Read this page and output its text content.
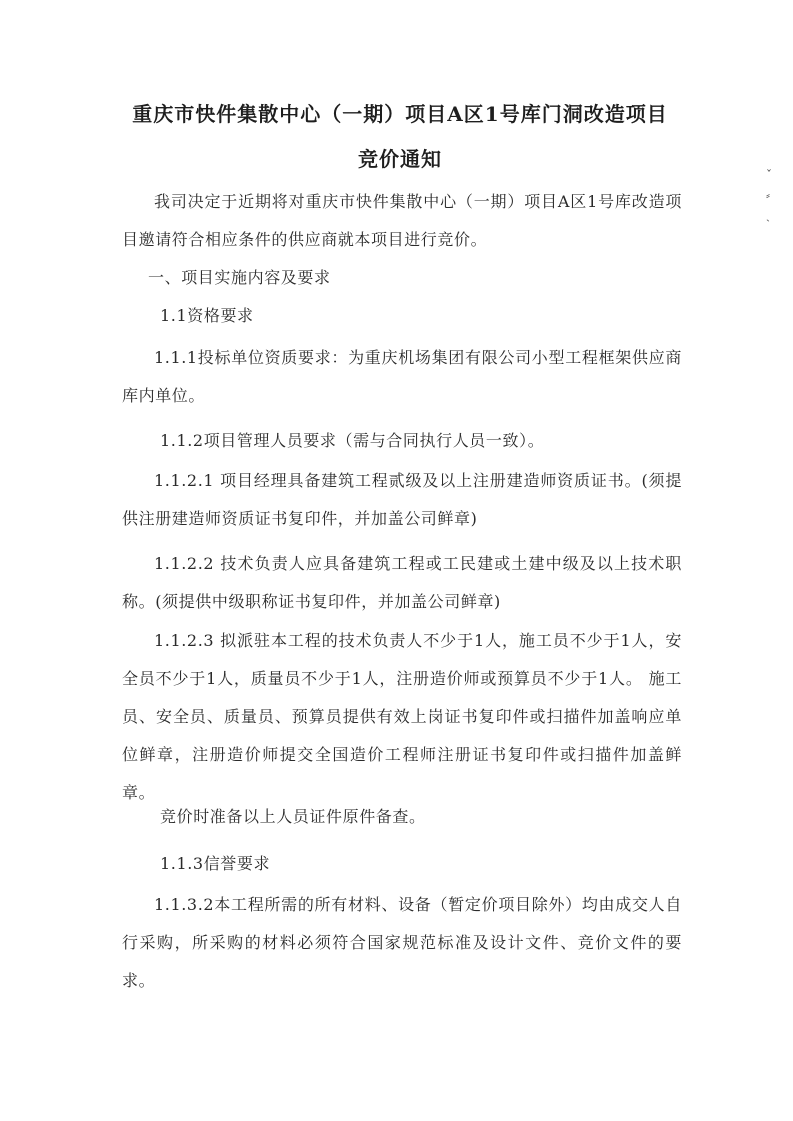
重庆市快件集散中心（一期）项目A区1号库门洞改造项目
竞价通知
ˇ
⸗
ˏ
我司决定于近期将对重庆市快件集散中心（一期）项目A区1号库改造项目邀请符合相应条件的供应商就本项目进行竞价。
一、项目实施内容及要求
1.1资格要求
1.1.1投标单位资质要求：为重庆机场集团有限公司小型工程框架供应商库内单位。
1.1.2项目管理人员要求（需与合同执行人员一致）。
1.1.2.1 项目经理具备建筑工程贰级及以上注册建造师资质证书。(须提供注册建造师资质证书复印件，并加盖公司鲜章)
1.1.2.2 技术负责人应具备建筑工程或工民建或土建中级及以上技术职称。(须提供中级职称证书复印件，并加盖公司鲜章)
1.1.2.3 拟派驻本工程的技术负责人不少于1人，施工员不少于1人，安全员不少于1人，质量员不少于1人，注册造价师或预算员不少于1人。 施工员、安全员、质量员、预算员提供有效上岗证书复印件或扫描件加盖响应单位鲜章，注册造价师提交全国造价工程师注册证书复印件或扫描件加盖鲜章。
竞价时准备以上人员证件原件备查。
1.1.3信誉要求
1.1.3.2本工程所需的所有材料、设备（暂定价项目除外）均由成交人自行采购，所采购的材料必须符合国家规范标准及设计文件、竞价文件的要求。
